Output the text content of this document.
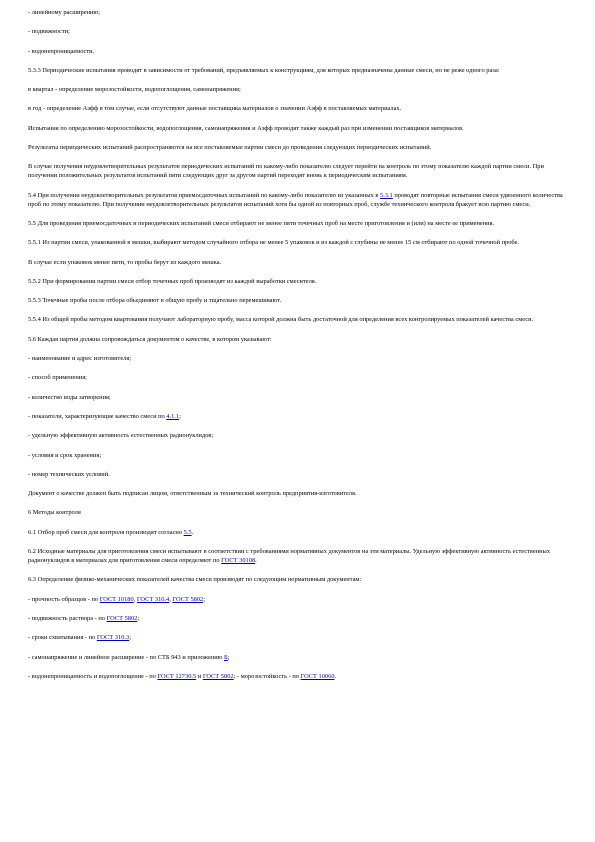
- линейному расширению;

- подвижности;

- водонепроницаемости.

5.3.3 Периодические испытания проводят в зависимости от требований, предъявляемых к конструкциям, для которых предназначены данные смеси, но не реже одного раза:

в квартал - определение морозостойкости, водопоглощения, самонапряжения;

в год - определение Аэфф в том случае, если отсутствуют данные поставщика материалов о значении Аэфф в поставляемых материалах.

Испытания по определению морозостойкости, водопоглощения, самонапряжения и Аэфф проводят также каждый раз при изменении поставщиков материалов.

Результаты периодических испытаний распространяются на все поставляемые партии смеси до проведения следующих периодических испытаний.

В случае получения неудовлетворительных результатов периодических испытаний по какому-либо показателю следует перейти на контроль по этому показателю каждой партии смеси. При получении положительных результатов испытаний пяти следующих друг за другом партий переходят вновь к периодическим испытаниям.

5.4 При получении неудовлетворительных результатов приемосдаточных испытаний по какому-либо показателю из указанных в 5.3.1 проводят повторные испытания смеси удвоенного количества проб по этому показателю. При получении неудовлетворительных результатов испытаний хотя бы одной из повторных проб, службе технического контроля бракует всю партию смеси.

5.5 Для проведения приемосдаточных и периодических испытаний смеси отбирают не менее пяти точечных проб на месте приготовления и (или) на месте ее применения.

5.5.1 Из партии смеси, упакованной в мешки, выбирают методом случайного отбора не менее 5 упаковок и из каждой с глубины не менее 15 см отбирают по одной точечной пробе.

В случае если упаковок менее пяти, то пробы берут из каждого мешка.

5.5.2 При формировании партии смеси отбор точечных проб производят из каждой выработки смесителя.

5.5.3 Точечные пробы после отбора объединяют в общую пробу и тщательно перемешивают.

5.5.4 Из общей пробы методом квартования получают лабораторную пробу, масса которой должна быть достаточной для определения всех контролируемых показателей качества смеси.

5.6 Каждая партия должна сопровождаться документом о качестве, в котором указывают:

- наименование и адрес изготовителя;

- способ применения;

- количество воды затворения;

- показатели, характеризующие качество смеси по 4.1.1;

- удельную эффективную активность естественных радионуклидов;

- условия и срок хранения;

- номер технических условий.

Документ о качестве должен быть подписан лицом, ответственным за технический контроль предприятия-изготовителя.

6 Методы контроля

6.1 Отбор проб смеси для контроля производят согласно 5.5.

6.2 Исходные материалы для приготовления смеси испытывают в соответствии с требованиями нормативных документов на эти материалы. Удельную эффективную активность естественных радионуклидов в материалах для приготовления смеси определяют по ГОСТ 30108.

6.3 Определение физико-механических показателей качества смеси производят по следующим нормативным документам:

- прочность образцов - по ГОСТ 10180, ГОСТ 310.4, ГОСТ 5802;

- подвижность раствора - по ГОСТ 5802;

- сроки схватывания - по ГОСТ 310.3;

- самонапряжение и линейное расширение - по СТБ 943 и приложению Б;

- водонепроницаемость и водопоглощение - по ГОСТ 12730.5 и ГОСТ 5802; - морозостойкость - по ГОСТ 10060.
